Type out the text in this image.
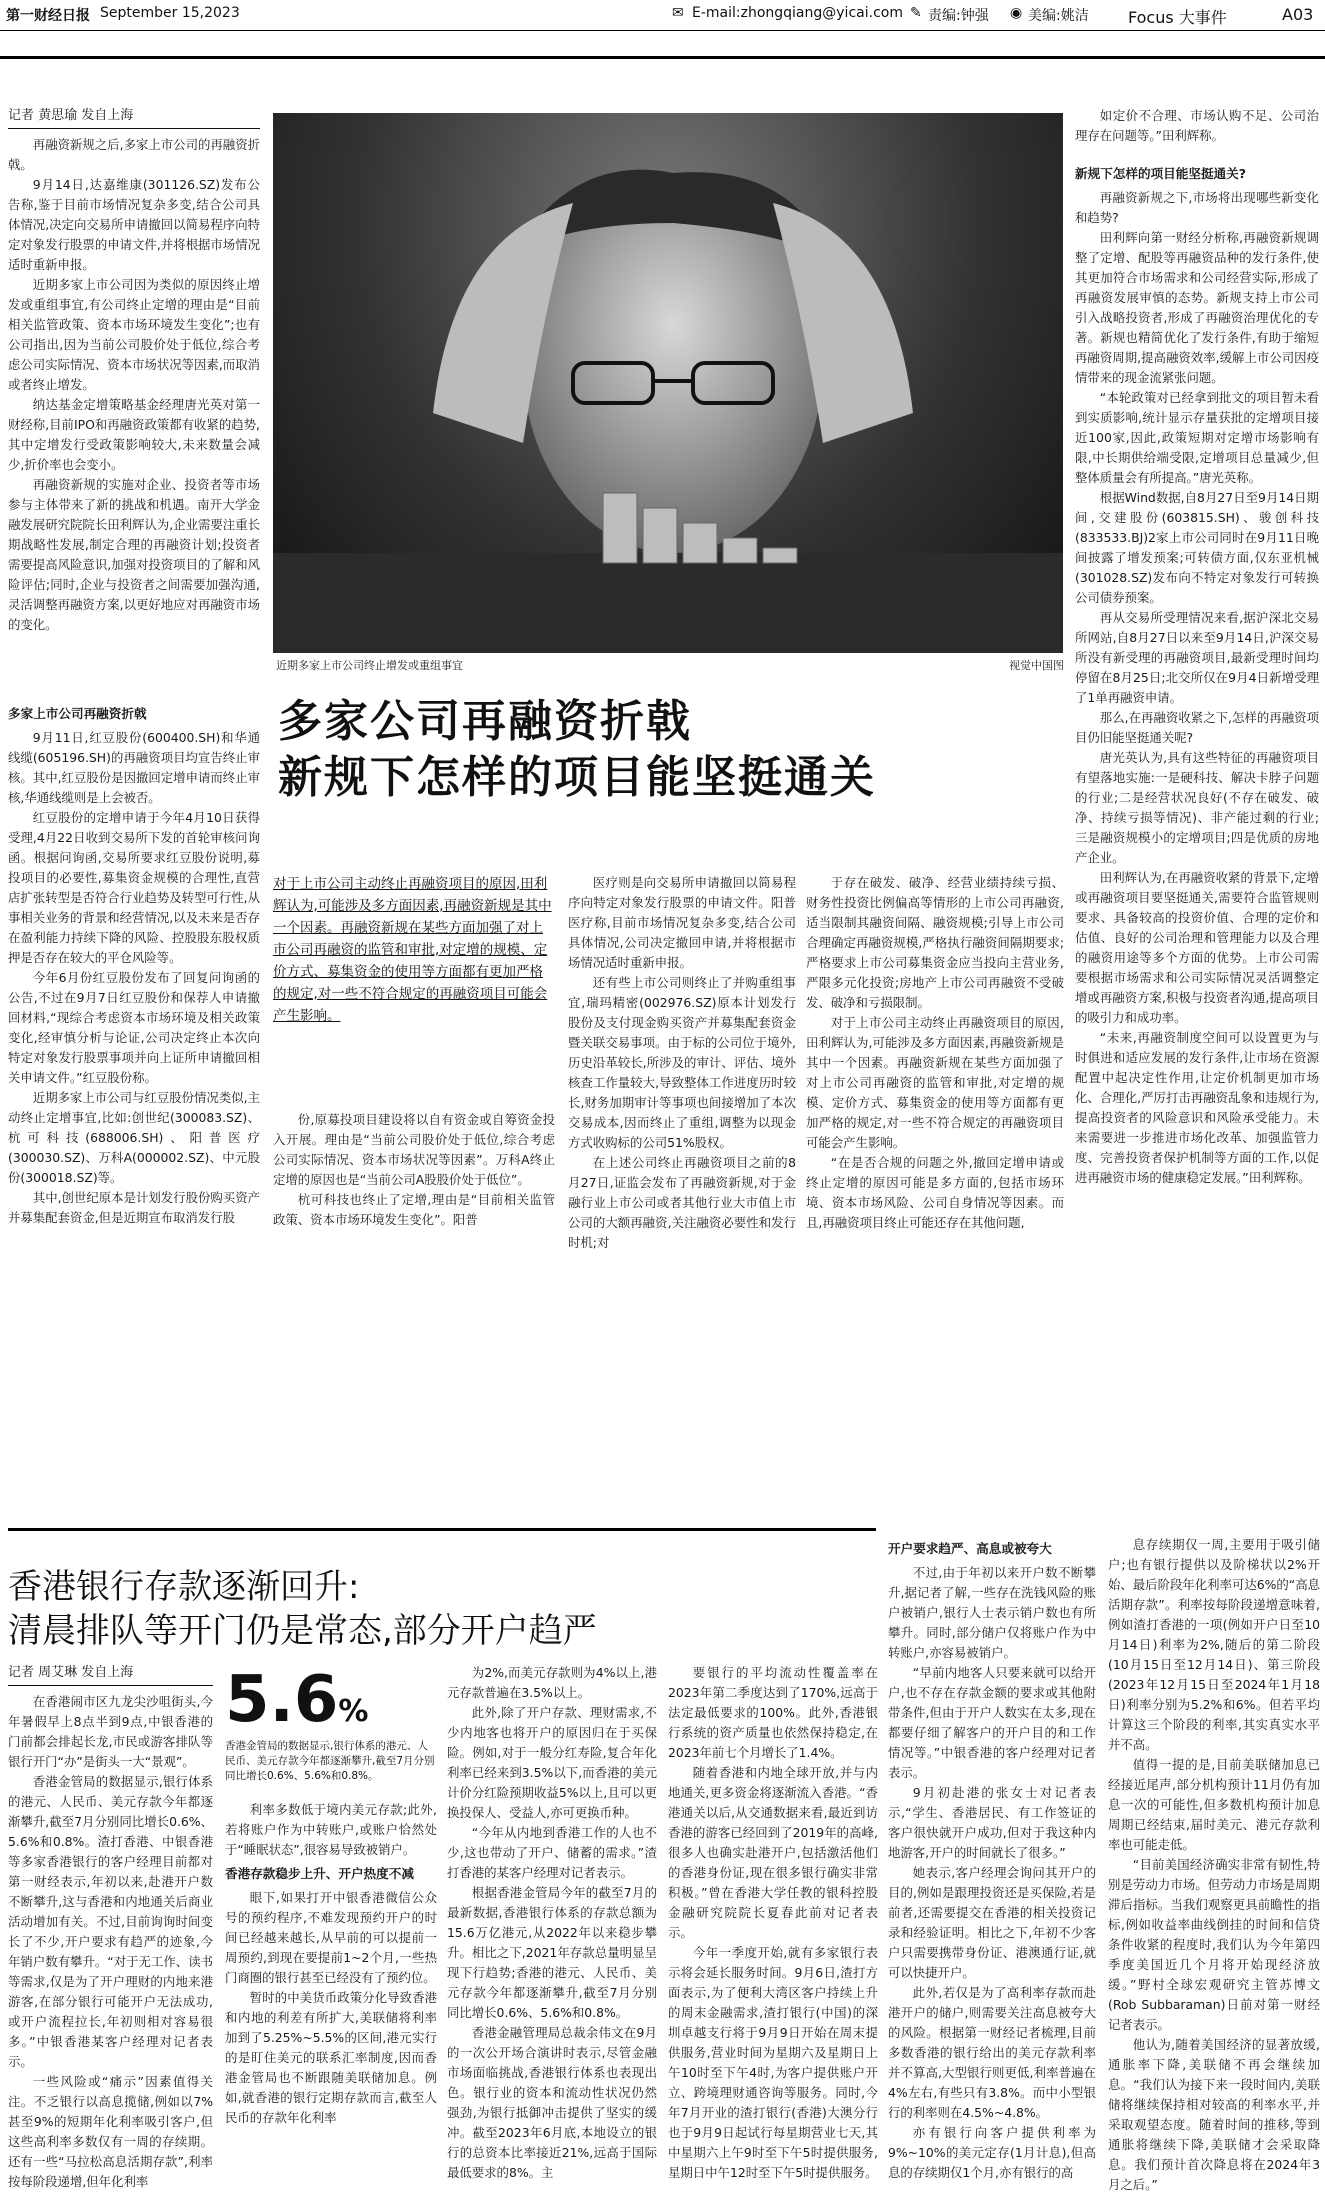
第一财经日报 September 15,2023	✉ E-mail:zhongqiang@yicai.com ✎ 责编:钟强 ◉ 美编:姚洁 Focus 大事件	A03
记者 黄思瑜 发自上海

再融资新规之后,多家上市公司的再融资折戟。

9月14日,达嘉维康(301126.SZ)发布公告称,鉴于目前市场情况复杂多变,结合公司具体情况,决定向交易所申请撤回以简易程序向特定对象发行股票的申请文件,并将根据市场情况适时重新申报。

近期多家上市公司因为类似的原因终止增发或重组事宜,有公司终止定增的理由是“目前相关监管政策、资本市场环境发生变化”;也有公司指出,因为当前公司股价处于低位,综合考虑公司实际情况、资本市场状况等因素,而取消或者终止增发。

纳达基金定增策略基金经理唐光英对第一财经称,目前IPO和再融资政策都有收紧的趋势,其中定增发行受政策影响较大,未来数量会减少,折价率也会变小。

再融资新规的实施对企业、投资者等市场参与主体带来了新的挑战和机遇。南开大学金融发展研究院院长田利辉认为,企业需要注重长期战略性发展,制定合理的再融资计划;投资者需要提高风险意识,加强对投资项目的了解和风险评估;同时,企业与投资者之间需要加强沟通,灵活调整再融资方案,以更好地应对再融资市场的变化。

多家上市公司再融资折戟

9月11日,红豆股份(600400.SH)和华通线缆(605196.SH)的再融资项目均宣告终止审核。其中,红豆股份是因撤回定增申请而终止审核,华通线缆则是上会被否。

红豆股份的定增申请于今年4月10日获得受理,4月22日收到交易所下发的首轮审核问询函。根据问询函,交易所要求红豆股份说明,募投项目的必要性,募集资金规模的合理性,直营店扩张转型是否符合行业趋势及转型可行性,从事相关业务的背景和经营情况,以及未来是否存在盈利能力持续下降的风险、控股股东股权质押是否存在较大的平仓风险等。

今年6月份红豆股份发布了回复问询函的公告,不过在9月7日红豆股份和保荐人申请撤回材料,“现综合考虑资本市场环境及相关政策变化,经审慎分析与论证,公司决定终止本次向特定对象发行股票事项并向上证所申请撤回相关申请文件。”红豆股份称。

近期多家上市公司与红豆股份情况类似,主动终止定增事宜,比如:创世纪(300083.SZ)、杭可科技(688006.SH)、阳普医疗(300030.SZ)、万科A(000002.SZ)、中元股份(300018.SZ)等。

其中,创世纪原本是计划发行股份购买资产并募集配套资金,但是近期宣布取消发行股

近期多家上市公司终止增发或重组事宜	视觉中国图
多家公司再融资折戟
新规下怎样的项目能坚挺通关
对于上市公司主动终止再融资项目的原因,田利辉认为,可能涉及多方面因素,再融资新规是其中一个因素。再融资新规在某些方面加强了对上市公司再融资的监管和审批,对定增的规模、定价方式、募集资金的使用等方面都有更加严格的规定,对一些不符合规定的再融资项目可能会产生影响。

份,原募投项目建设将以自有资金或自筹资金投入开展。理由是“当前公司股价处于低位,综合考虑公司实际情况、资本市场状况等因素”。万科A终止定增的原因也是“当前公司A股股价处于低位”。

杭可科技也终止了定增,理由是“目前相关监管政策、资本市场环境发生变化”。阳普

医疗则是向交易所申请撤回以简易程序向特定对象发行股票的申请文件。阳普医疗称,目前市场情况复杂多变,结合公司具体情况,公司决定撤回申请,并将根据市场情况适时重新申报。

还有些上市公司则终止了并购重组事宜,瑞玛精密(002976.SZ)原本计划发行股份及支付现金购买资产并募集配套资金暨关联交易事项。由于标的公司位于境外,历史沿革较长,所涉及的审计、评估、境外核查工作量较大,导致整体工作进度历时较长,财务加期审计等事项也间接增加了本次交易成本,因而终止了重组,调整为以现金方式收购标的公司51%股权。

在上述公司终止再融资项目之前的8月27日,证监会发布了再融资新规,对于金融行业上市公司或者其他行业大市值上市公司的大额再融资,关注融资必要性和发行时机;对

于存在破发、破净、经营业绩持续亏损、财务性投资比例偏高等情形的上市公司再融资,适当限制其融资间隔、融资规模;引导上市公司合理确定再融资规模,严格执行融资间隔期要求;严格要求上市公司募集资金应当投向主营业务,严限多元化投资;房地产上市公司再融资不受破发、破净和亏损限制。

对于上市公司主动终止再融资项目的原因,田利辉认为,可能涉及多方面因素,再融资新规是其中一个因素。再融资新规在某些方面加强了对上市公司再融资的监管和审批,对定增的规模、定价方式、募集资金的使用等方面都有更加严格的规定,对一些不符合规定的再融资项目可能会产生影响。

“在是否合规的问题之外,撤回定增申请或终止定增的原因可能是多方面的,包括市场环境、资本市场风险、公司自身情况等因素。而且,再融资项目终止可能还存在其他问题,

如定价不合理、市场认购不足、公司治理存在问题等。”田利辉称。

新规下怎样的项目能坚挺通关?

再融资新规之下,市场将出现哪些新变化和趋势?

田利辉向第一财经分析称,再融资新规调整了定增、配股等再融资品种的发行条件,使其更加符合市场需求和公司经营实际,形成了再融资发展审慎的态势。新规支持上市公司引入战略投资者,形成了再融资治理优化的专著。新规也精简优化了发行条件,有助于缩短再融资周期,提高融资效率,缓解上市公司因疫情带来的现金流紧张问题。

“本轮政策对已经拿到批文的项目暂未看到实质影响,统计显示存量获批的定增项目接近100家,因此,政策短期对定增市场影响有限,中长期供给端受限,定增项目总量减少,但整体质量会有所提高。”唐光英称。

根据Wind数据,自8月27日至9月14日期间,交建股份(603815.SH)、骏创科技(833533.BJ)2家上市公司同时在9月11日晚间披露了增发预案;可转债方面,仅东亚机械(301028.SZ)发布向不特定对象发行可转换公司债券预案。

再从交易所受理情况来看,据沪深北交易所网站,自8月27日以来至9月14日,沪深交易所没有新受理的再融资项目,最新受理时间均停留在8月25日;北交所仅在9月4日新增受理了1单再融资申请。

那么,在再融资收紧之下,怎样的再融资项目仍旧能坚挺通关呢?

唐光英认为,具有这些特征的再融资项目有望落地实施:一是硬科技、解决卡脖子问题的行业;二是经营状况良好(不存在破发、破净、持续亏损等情况)、非产能过剩的行业;三是融资规模小的定增项目;四是优质的房地产企业。

田利辉认为,在再融资收紧的背景下,定增或再融资项目要坚挺通关,需要符合监管规则要求、具备较高的投资价值、合理的定价和估值、良好的公司治理和管理能力以及合理的融资用途等多个方面的优势。上市公司需要根据市场需求和公司实际情况灵活调整定增或再融资方案,积极与投资者沟通,提高项目的吸引力和成功率。

“未来,再融资制度空间可以设置更为与时俱进和适应发展的发行条件,让市场在资源配置中起决定性作用,让定价机制更加市场化、合理化,严厉打击再融资乱象和违规行为,提高投资者的风险意识和风险承受能力。未来需要进一步推进市场化改革、加强监管力度、完善投资者保护机制等方面的工作,以促进再融资市场的健康稳定发展。”田利辉称。

香港银行存款逐渐回升:
清晨排队等开门仍是常态,部分开户趋严
记者 周艾琳 发自上海

在香港闹市区九龙尖沙咀街头,今年暑假早上8点半到9点,中银香港的门前都会排起长龙,市民或游客排队等银行开门“办”是街头一大“景观”。

香港金管局的数据显示,银行体系的港元、人民币、美元存款今年都逐渐攀升,截至7月分别同比增长0.6%、5.6%和0.8%。渣打香港、中银香港等多家香港银行的客户经理目前都对第一财经表示,年初以来,赴港开户数不断攀升,这与香港和内地通关后商业活动增加有关。不过,目前询询时间变长了不少,开户要求有趋严的迹象,今年销户数有攀升。“对于无工作、读书等需求,仅是为了开户理财的内地来港游客,在部分银行可能开户无法成功,或开户流程拉长,年初则相对容易很多。”中银香港某客户经理对记者表示。

一些风险或“痛示”因素值得关注。不乏银行以高息揽储,例如以7%甚至9%的短期年化利率吸引客户,但这些高利率多数仅有一周的存续期。还有一些“马拉松高息活期存款”,利率按每阶段递增,但年化利率

5.6%
香港金管局的数据显示,银行体系的港元、人民币、美元存款今年都逐渐攀升,截至7月分别同比增长0.6%、5.6%和0.8%。

利率多数低于境内美元存款;此外,若将账户作为中转账户,或账户恰然处于“睡眠状态”,很容易导致被销户。

香港存款稳步上升、开户热度不减

眼下,如果打开中银香港微信公众号的预约程序,不难发现预约开户的时间已经越来越长,从早前的可以提前一周预约,到现在要提前1~2个月,一些热门商圈的银行甚至已经没有了预约位。

暂时的中美货币政策分化导致香港和内地的利差有所扩大,美联储将利率加到了5.25%~5.5%的区间,港元实行的是盯住美元的联系汇率制度,因而香港金管局也不断跟随美联储加息。例如,就香港的银行定期存款而言,截至人民币的存款年化利率

为2%,而美元存款则为4%以上,港元存款普遍在3.5%以上。

此外,除了开户存款、理财需求,不少内地客也将开户的原因归在于买保险。例如,对于一般分红寿险,复合年化利率已经来到3.5%以下,而香港的美元计价分红险预期收益5%以上,且可以更换投保人、受益人,亦可更换币种。

“今年从内地到香港工作的人也不少,这也带动了开户、储蓄的需求。”渣打香港的某客户经理对记者表示。

根据香港金管局今年的截至7月的最新数据,香港银行体系的存款总额为15.6万亿港元,从2022年以来稳步攀升。相比之下,2021年存款总量明显呈现下行趋势;香港的港元、人民币、美元存款今年都逐渐攀升,截至7月分别同比增长0.6%、5.6%和0.8%。

香港金融管理局总裁余伟文在9月的一次公开场合演讲时表示,尽管金融市场面临挑战,香港银行体系也表现出色。银行业的资本和流动性状况仍然强劲,为银行抵御冲击提供了坚实的缓冲。截至2023年6月底,本地设立的银行的总资本比率接近21%,远高于国际最低要求的8%。主

要银行的平均流动性覆盖率在2023年第二季度达到了170%,远高于法定最低要求的100%。此外,香港银行系统的资产质量也依然保持稳定,在2023年前七个月增长了1.4%。

随着香港和内地全球开放,并与内地通关,更多资金将逐渐流入香港。“香港通关以后,从交通数据来看,最近到访香港的游客已经回到了2019年的高峰,很多人也确实赴港开户,包括激活他们的香港身份证,现在很多银行确实非常积极。”曾在香港大学任教的银科控股金融研究院院长夏春此前对记者表示。

今年一季度开始,就有多家银行表示将会延长服务时间。9月6日,渣打方面表示,为了便利大湾区客户持续上升的周末金融需求,渣打银行(中国)的深圳卓越支行将于9月9日开始在周末提供服务,营业时间为星期六及星期日上午10时至下午4时,为客户提供账户开立、跨境理财通咨询等服务。同时,今年7月开业的渣打银行(香港)大澳分行也于9月9日起试行每星期营业七天,其中星期六上午9时至下午5时提供服务,星期日中午12时至下午5时提供服务。

开户要求趋严、高息或被夸大

不过,由于年初以来开户数不断攀升,据记者了解,一些存在洗钱风险的账户被销户,银行人士表示销户数也有所攀升。同时,部分储户仅将账户作为中转账户,亦容易被销户。

“早前内地客人只要来就可以给开户,也不存在存款金额的要求或其他附带条件,但由于开户人数实在太多,现在都要仔细了解客户的开户目的和工作情况等。”中银香港的客户经理对记者表示。

9月初赴港的张女士对记者表示,“学生、香港居民、有工作签证的客户很快就开户成功,但对于我这种内地游客,开户的时间就长了很多。”

她表示,客户经理会询问其开户的目的,例如是跟理投资还是买保险,若是前者,还需要提交在香港的相关投资记录和经验证明。相比之下,年初不少客户只需要携带身份证、港澳通行证,就可以快捷开户。

此外,若仅是为了高利率存款而赴港开户的储户,则需要关注高息被夸大的风险。根据第一财经记者梳理,目前多数香港的银行给出的美元存款利率并不算高,大型银行则更低,利率普遍在4%左右,有些只有3.8%。而中小型银行的利率则在4.5%~4.8%。

亦有银行向客户提供利率为9%~10%的美元定存(1月计息),但高息的存续期仅1个月,亦有银行的高

息存续期仅一周,主要用于吸引储户;也有银行提供以及阶梯状以2%开始、最后阶段年化利率可达6%的“高息活期存款”。利率按每阶段递增意味着,例如渣打香港的一项(例如开户日至10月14日)利率为2%,随后的第二阶段(10月15日至12月14日)、第三阶段(2023年12月15日至2024年1月18日)利率分别为5.2%和6%。但若平均计算这三个阶段的利率,其实真实水平并不高。

值得一提的是,目前美联储加息已经接近尾声,部分机构预计11月仍有加息一次的可能性,但多数机构预计加息周期已经结束,届时美元、港元存款利率也可能走低。

“目前美国经济确实非常有韧性,特别是劳动力市场。但劳动力市场是周期滞后指标。当我们观察更具前瞻性的指标,例如收益率曲线倒挂的时间和信贷条件收紧的程度时,我们认为今年第四季度美国近几个月将开始现经济放缓。”野村全球宏观研究主管苏博文(Rob Subbaraman)日前对第一财经记者表示。

他认为,随着美国经济的显著放缓,通胀率下降,美联储不再会继续加息。“我们认为接下来一段时间内,美联储将继续保持相对较高的利率水平,并采取观望态度。随着时间的推移,等到通胀将继续下降,美联储才会采取降息。我们预计首次降息将在2024年3月之后。”
